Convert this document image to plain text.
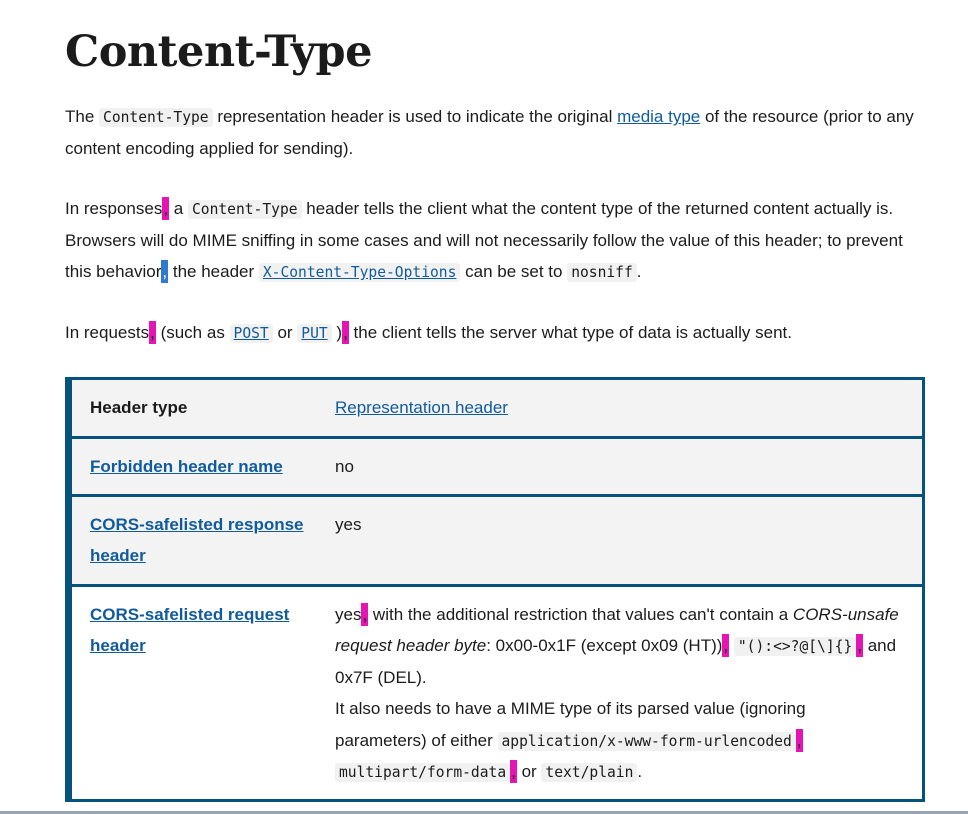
Content-Type

The Content-Type representation header is used to indicate the original media type of the resource (prior to any content encoding applied for sending).

In responses, a Content-Type header tells the client what the content type of the returned content actually is. Browsers will do MIME sniffing in some cases and will not necessarily follow the value of this header; to prevent this behavior, the header X-Content-Type-Options can be set to nosniff .

In requests, (such as POST or PUT ), the client tells the server what type of data is actually sent.

Header type	Representation header
Forbidden header name	no
CORS-safelisted response header	yes
CORS-safelisted request header	yes, with the additional restriction that values can't contain a CORS-unsafe request header byte: 0x00-0x1F (except 0x09 (HT)), "():<>?@[\]{} , and 0x7F (DEL).
It also needs to have a MIME type of its parsed value (ignoring parameters) of either application/x-www-form-urlencoded , multipart/form-data , or text/plain .
